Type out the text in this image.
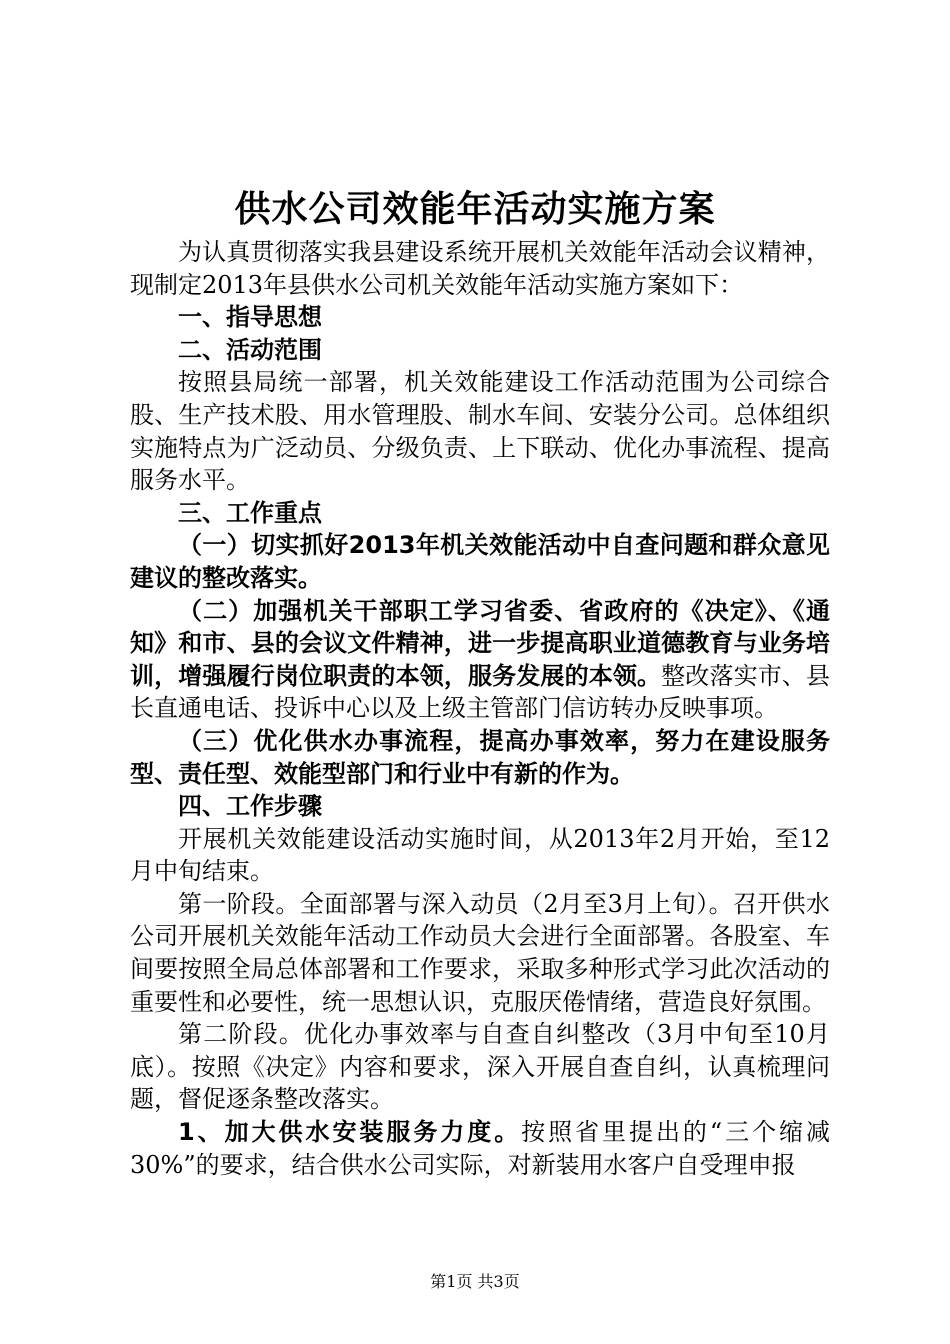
供水公司效能年活动实施方案

为认真贯彻落实我县建设系统开展机关效能年活动会议精神，现制定2013年县供水公司机关效能年活动实施方案如下：

一、指导思想

二、活动范围

按照县局统一部署，机关效能建设工作活动范围为公司综合股、生产技术股、用水管理股、制水车间、安装分公司。总体组织实施特点为广泛动员、分级负责、上下联动、优化办事流程、提高服务水平。

三、工作重点

（一）切实抓好2013年机关效能活动中自查问题和群众意见建议的整改落实。

（二）加强机关干部职工学习省委、省政府的《决定》、《通知》和市、县的会议文件精神，进一步提高职业道德教育与业务培训，增强履行岗位职责的本领，服务发展的本领。整改落实市、县长直通电话、投诉中心以及上级主管部门信访转办反映事项。

（三）优化供水办事流程，提高办事效率，努力在建设服务型、责任型、效能型部门和行业中有新的作为。

四、工作步骤

开展机关效能建设活动实施时间，从2013年2月开始，至12月中旬结束。

第一阶段。全面部署与深入动员（2月至3月上旬）。召开供水公司开展机关效能年活动工作动员大会进行全面部署。各股室、车间要按照全局总体部署和工作要求，采取多种形式学习此次活动的重要性和必要性，统一思想认识，克服厌倦情绪，营造良好氛围。

第二阶段。优化办事效率与自查自纠整改（3月中旬至10月底）。按照《决定》内容和要求，深入开展自查自纠，认真梳理问题，督促逐条整改落实。

1、加大供水安装服务力度。按照省里提出的“三个缩减30%”的要求，结合供水公司实际，对新装用水客户自受理申报

第1页 共3页
